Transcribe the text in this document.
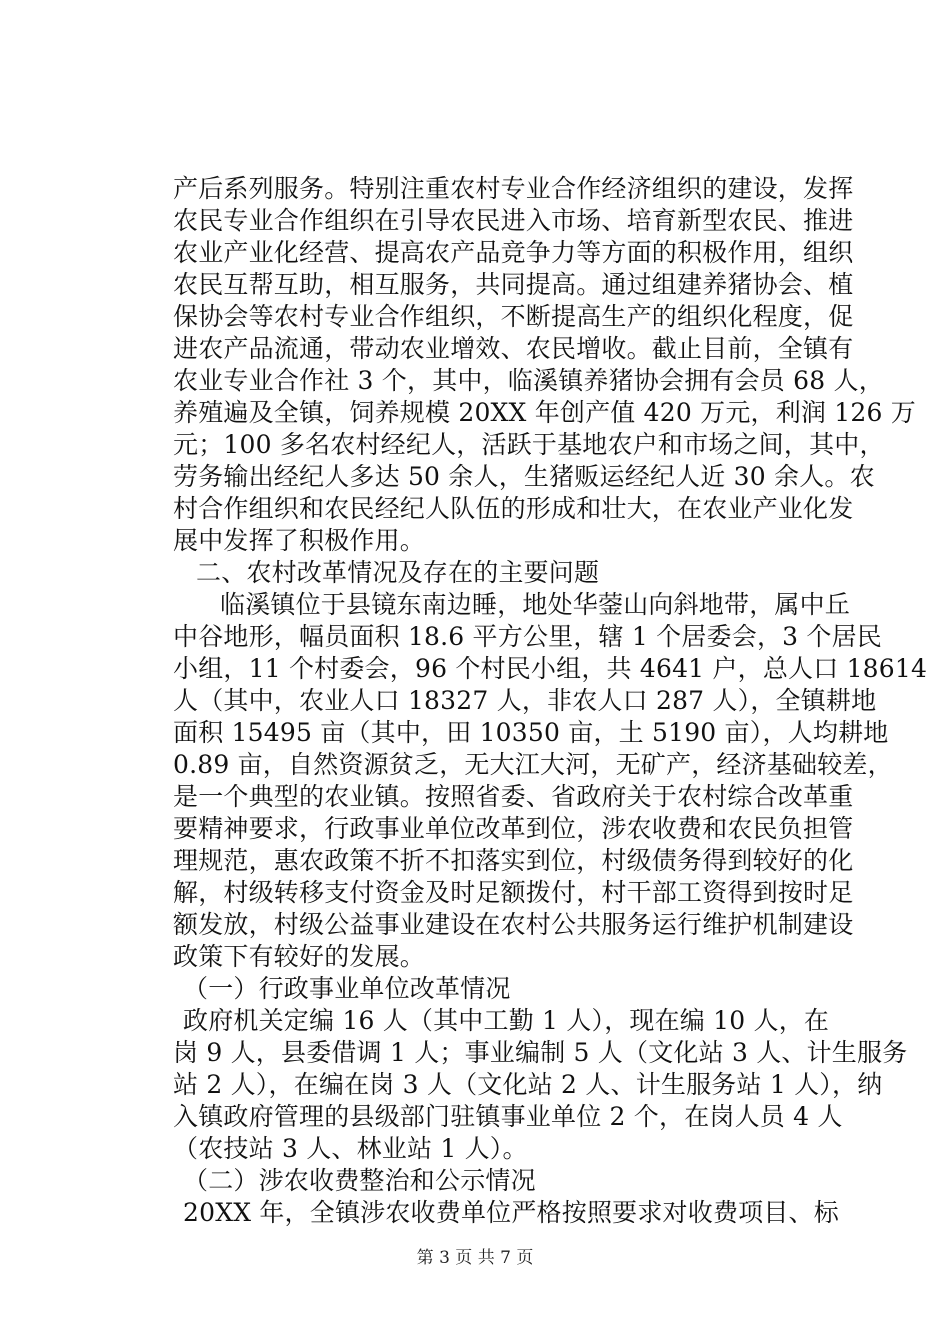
产后系列服务。特别注重农村专业合作经济组织的建设，发挥
农民专业合作组织在引导农民进入市场、培育新型农民、推进
农业产业化经营、提高农产品竞争力等方面的积极作用，组织
农民互帮互助，相互服务，共同提高。通过组建养猪协会、植
保协会等农村专业合作组织，不断提高生产的组织化程度，促
进农产品流通，带动农业增效、农民增收。截止目前，全镇有
农业专业合作社 3 个，其中，临溪镇养猪协会拥有会员 68 人，
养殖遍及全镇，饲养规模 20XX 年创产值 420 万元，利润 126 万
元；100 多名农村经纪人，活跃于基地农户和市场之间，其中，
劳务输出经纪人多达 50 余人，生猪贩运经纪人近 30 余人。农
村合作组织和农民经纪人队伍的形成和壮大，在农业产业化发
展中发挥了积极作用。
二、农村改革情况及存在的主要问题
临溪镇位于县镜东南边睡，地处华蓥山向斜地带，属中丘
中谷地形，幅员面积 18.6 平方公里，辖 1 个居委会，3 个居民
小组，11 个村委会，96 个村民小组，共 4641 户，总人口 18614
人（其中，农业人口 18327 人，非农人口 287 人），全镇耕地
面积 15495 亩（其中，田 10350 亩，土 5190 亩），人均耕地
0.89 亩，自然资源贫乏，无大江大河，无矿产，经济基础较差，
是一个典型的农业镇。按照省委、省政府关于农村综合改革重
要精神要求，行政事业单位改革到位，涉农收费和农民负担管
理规范，惠农政策不折不扣落实到位，村级债务得到较好的化
解，村级转移支付资金及时足额拨付，村干部工资得到按时足
额发放，村级公益事业建设在农村公共服务运行维护机制建设
政策下有较好的发展。
（一）行政事业单位改革情况
政府机关定编 16 人（其中工勤 1 人），现在编 10 人，在
岗 9 人，县委借调 1 人；事业编制 5 人（文化站 3 人、计生服务
站 2 人），在编在岗 3 人（文化站 2 人、计生服务站 1 人），纳
入镇政府管理的县级部门驻镇事业单位 2 个，在岗人员 4 人
（农技站 3 人、林业站 1 人）。
（二）涉农收费整治和公示情况
20XX 年，全镇涉农收费单位严格按照要求对收费项目、标
第 3 页 共 7 页
